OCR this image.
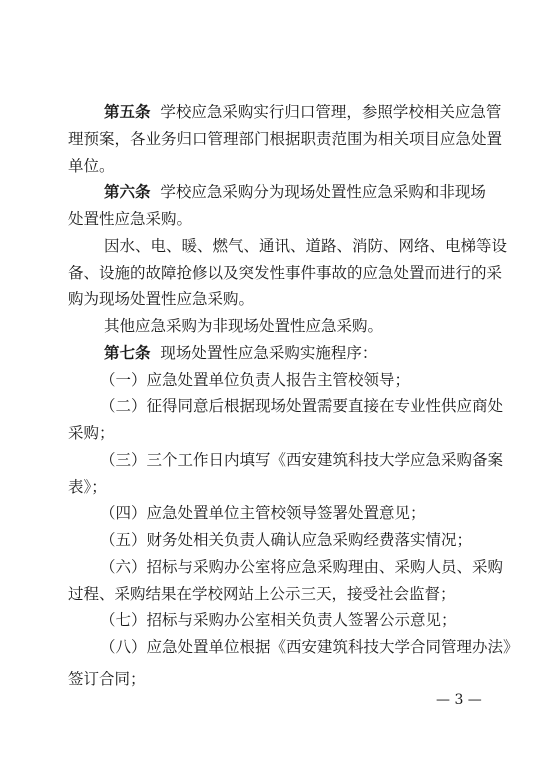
第五条 学校应急采购实行归口管理，参照学校相关应急管
理预案，各业务归口管理部门根据职责范围为相关项目应急处置
单位。
第六条 学校应急采购分为现场处置性应急采购和非现场
处置性应急采购。
因水、电、暖、燃气、通讯、道路、消防、网络、电梯等设
备、设施的故障抢修以及突发性事件事故的应急处置而进行的采
购为现场处置性应急采购。
其他应急采购为非现场处置性应急采购。
第七条 现场处置性应急采购实施程序：
（一）应急处置单位负责人报告主管校领导；
（二）征得同意后根据现场处置需要直接在专业性供应商处
采购；
（三）三个工作日内填写《西安建筑科技大学应急采购备案
表》；
（四）应急处置单位主管校领导签署处置意见；
（五）财务处相关负责人确认应急采购经费落实情况；
（六）招标与采购办公室将应急采购理由、采购人员、采购
过程、采购结果在学校网站上公示三天，接受社会监督；
（七）招标与采购办公室相关负责人签署公示意见；
（八）应急处置单位根据《西安建筑科技大学合同管理办法》
签订合同；
— 3 —
